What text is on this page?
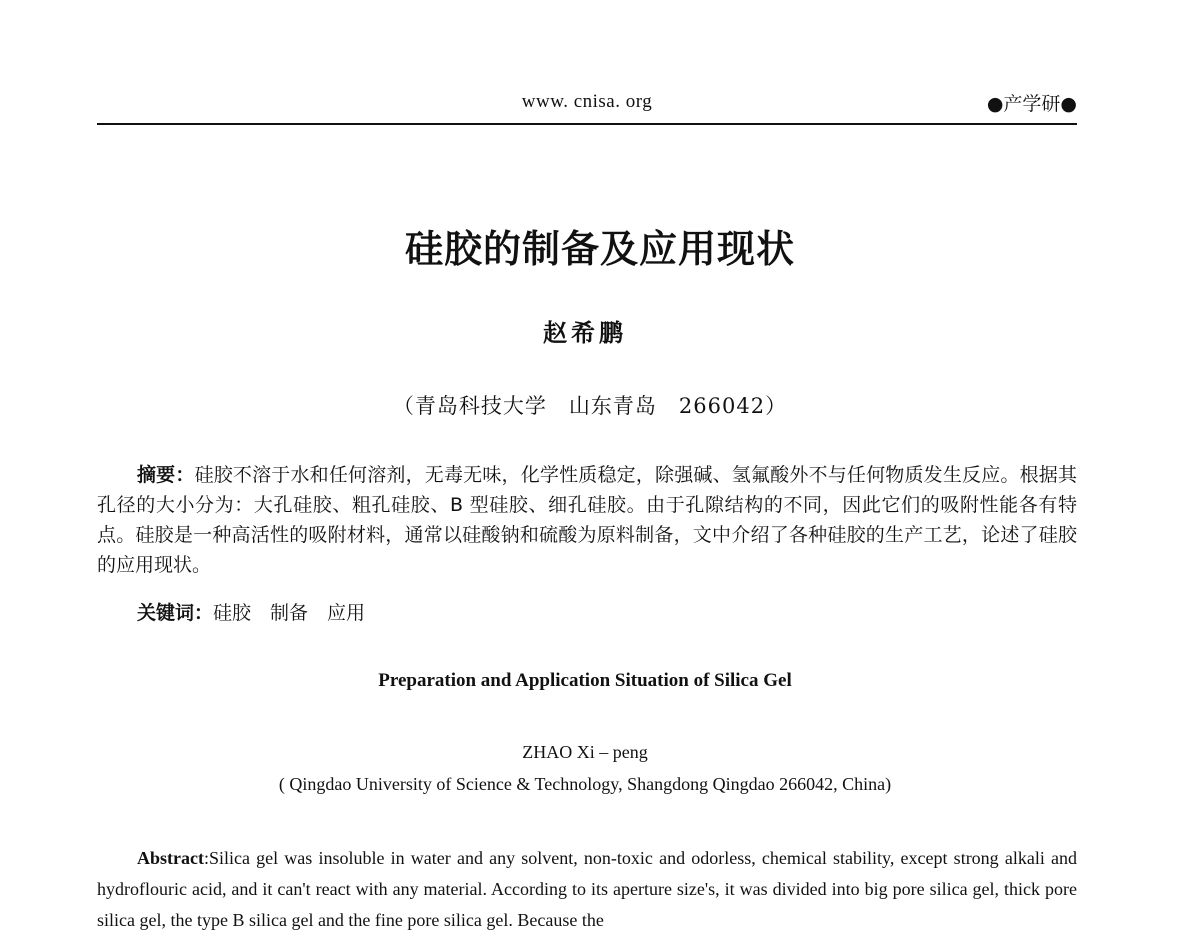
www. cnisa. org	●产学研●
硅胶的制备及应用现状
赵希鹏
（青岛科技大学　山东青岛　266042）
摘要：硅胶不溶于水和任何溶剂，无毒无味，化学性质稳定，除强碱、氢氟酸外不与任何物质发生反应。根据其孔径的大小分为：大孔硅胶、粗孔硅胶、B 型硅胶、细孔硅胶。由于孔隙结构的不同，因此它们的吸附性能各有特点。硅胶是一种高活性的吸附材料，通常以硅酸钠和硫酸为原料制备，文中介绍了各种硅胶的生产工艺，论述了硅胶的应用现状。
关键词：硅胶　制备　应用
Preparation and Application Situation of Silica Gel
ZHAO Xi – peng
( Qingdao University of Science & Technology, Shangdong Qingdao 266042, China)
Abstract:Silica gel was insoluble in water and any solvent, non-toxic and odorless, chemical stability, except strong alkali and hydroflouric acid, and it can't react with any material. According to its aperture size's, it was divided into big pore silica gel, thick pore silica gel, the type B silica gel and the fine pore silica gel. Because the
